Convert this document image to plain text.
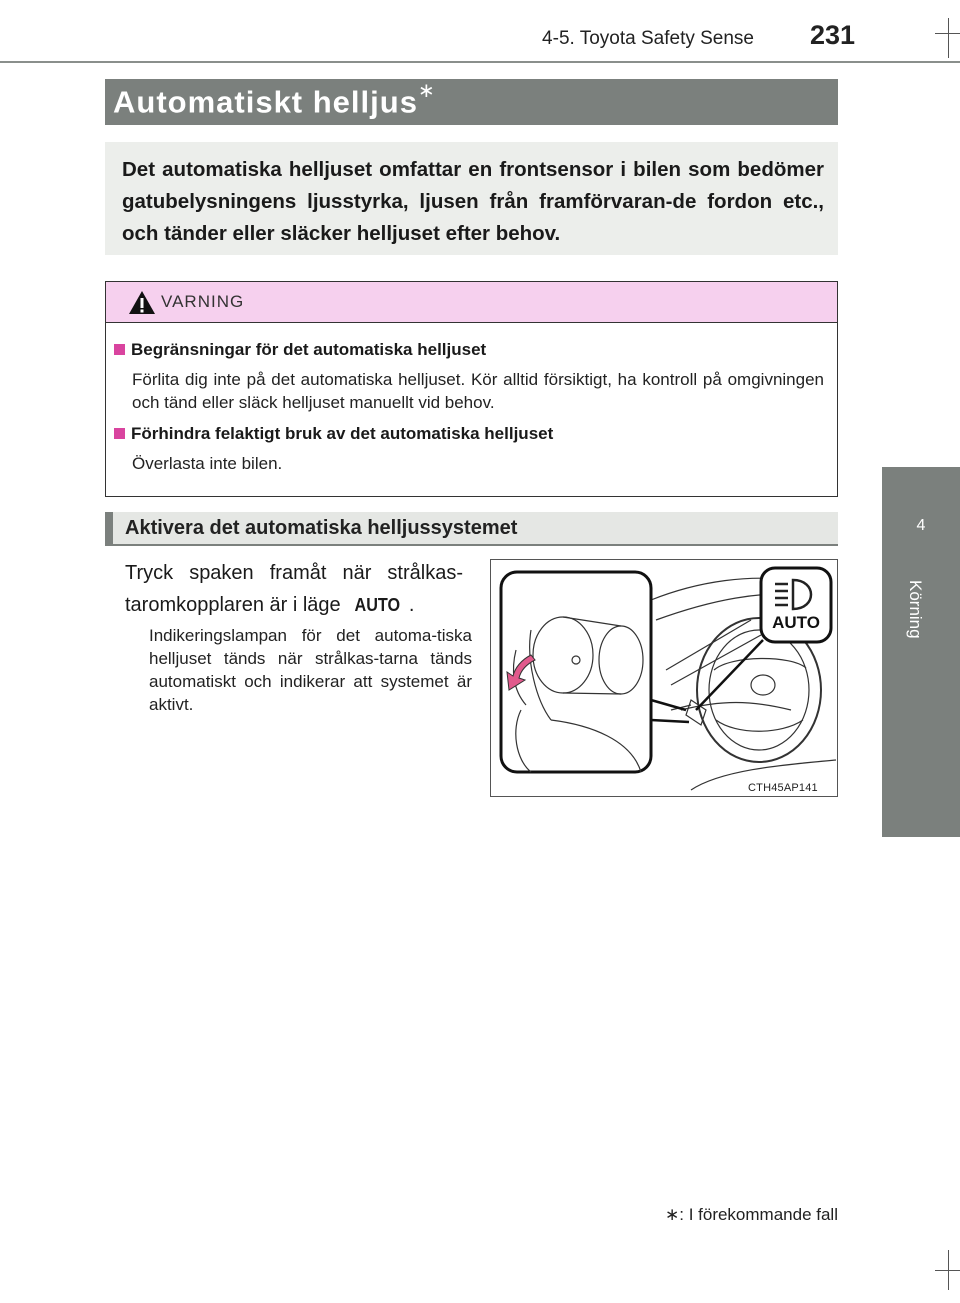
4-5. Toyota Safety Sense 231
4
Körning
Automatiskt helljus∗
Det automatiska helljuset omfattar en frontsensor i bilen som bedömer gatubelysningens ljusstyrka, ljusen från framförvaran-de fordon etc., och tänder eller släcker helljuset efter behov.
VARNING
Begränsningar för det automatiska helljuset
Förlita dig inte på det automatiska helljuset. Kör alltid försiktigt, ha kontroll på omgivningen och tänd eller släck helljuset manuellt vid behov.
Förhindra felaktigt bruk av det automatiska helljuset
Överlasta inte bilen.
Aktivera det automatiska helljussystemet
Tryck spaken framåt när strålkas-taromkopplaren är i läge AUTO .
Indikeringslampan för det automa-tiska helljuset tänds när strålkas-tarna tänds automatiskt och indikerar att systemet är aktivt.
AUTO
CTH45AP141
∗: I förekommande fall
